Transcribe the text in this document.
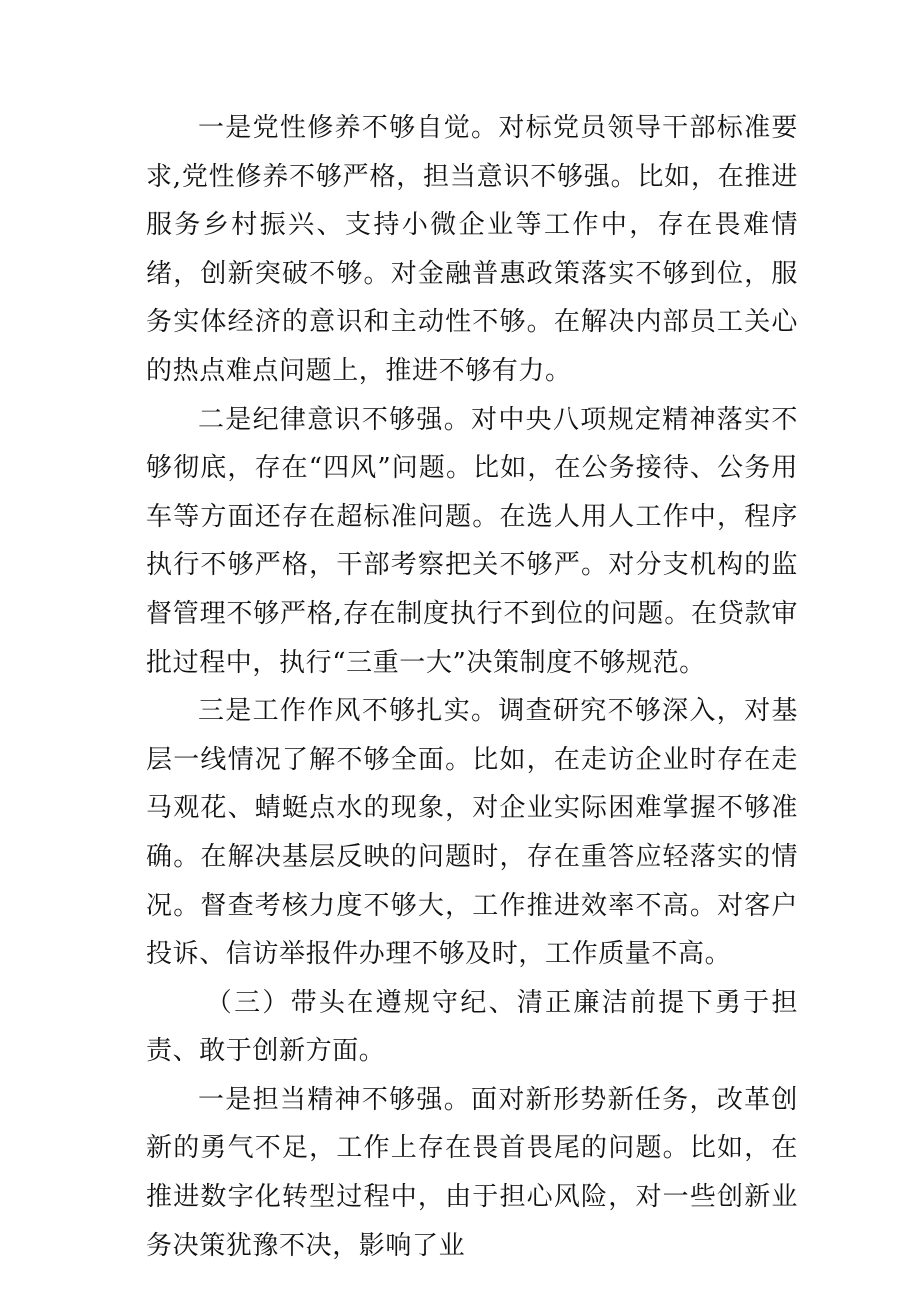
一是党性修养不够自觉。对标党员领导干部标准要求,党性修养不够严格，担当意识不够强。比如，在推进服务乡村振兴、支持小微企业等工作中，存在畏难情绪，创新突破不够。对金融普惠政策落实不够到位，服务实体经济的意识和主动性不够。在解决内部员工关心的热点难点问题上，推进不够有力。

二是纪律意识不够强。对中央八项规定精神落实不够彻底，存在“四风”问题。比如，在公务接待、公务用车等方面还存在超标准问题。在选人用人工作中，程序执行不够严格，干部考察把关不够严。对分支机构的监督管理不够严格,存在制度执行不到位的问题。在贷款审批过程中，执行“三重一大”决策制度不够规范。

三是工作作风不够扎实。调查研究不够深入，对基层一线情况了解不够全面。比如，在走访企业时存在走马观花、蜻蜓点水的现象，对企业实际困难掌握不够准确。在解决基层反映的问题时，存在重答应轻落实的情况。督查考核力度不够大，工作推进效率不高。对客户投诉、信访举报件办理不够及时，工作质量不高。

（三）带头在遵规守纪、清正廉洁前提下勇于担责、敢于创新方面。

一是担当精神不够强。面对新形势新任务，改革创新的勇气不足，工作上存在畏首畏尾的问题。比如，在推进数字化转型过程中，由于担心风险，对一些创新业务决策犹豫不决，影响了业
